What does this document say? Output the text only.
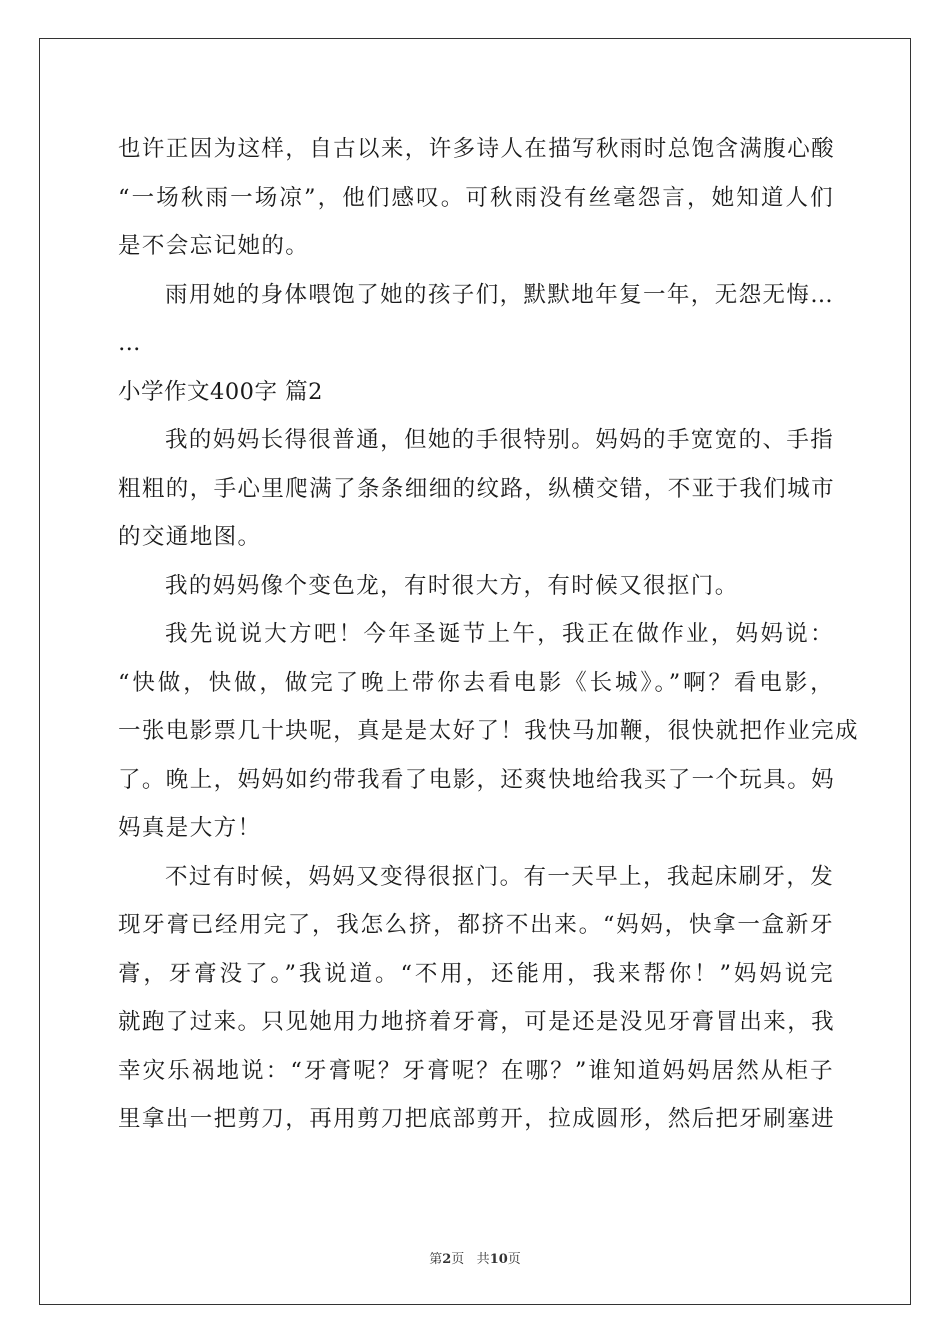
也许正因为这样，自古以来，许多诗人在描写秋雨时总饱含满腹心酸
“一场秋雨一场凉”，他们感叹。可秋雨没有丝毫怨言，她知道人们
是不会忘记她的。
雨用她的身体喂饱了她的孩子们，默默地年复一年，无怨无悔…
…
小学作文400字 篇2
我的妈妈长得很普通，但她的手很特别。妈妈的手宽宽的、手指
粗粗的，手心里爬满了条条细细的纹路，纵横交错，不亚于我们城市
的交通地图。
我的妈妈像个变色龙，有时很大方，有时候又很抠门。
我先说说大方吧！今年圣诞节上午，我正在做作业，妈妈说：
“快做，快做，做完了晚上带你去看电影《长城》。”啊？看电影，
一张电影票几十块呢，真是是太好了！我快马加鞭，很快就把作业完成
了。晚上，妈妈如约带我看了电影，还爽快地给我买了一个玩具。妈
妈真是大方！
不过有时候，妈妈又变得很抠门。有一天早上，我起床刷牙，发
现牙膏已经用完了，我怎么挤，都挤不出来。“妈妈，快拿一盒新牙
膏，牙膏没了。”我说道。“不用，还能用，我来帮你！”妈妈说完
就跑了过来。只见她用力地挤着牙膏，可是还是没见牙膏冒出来，我
幸灾乐祸地说：“牙膏呢？牙膏呢？在哪？”谁知道妈妈居然从柜子
里拿出一把剪刀，再用剪刀把底部剪开，拉成圆形，然后把牙刷塞进
第2页 共10页
